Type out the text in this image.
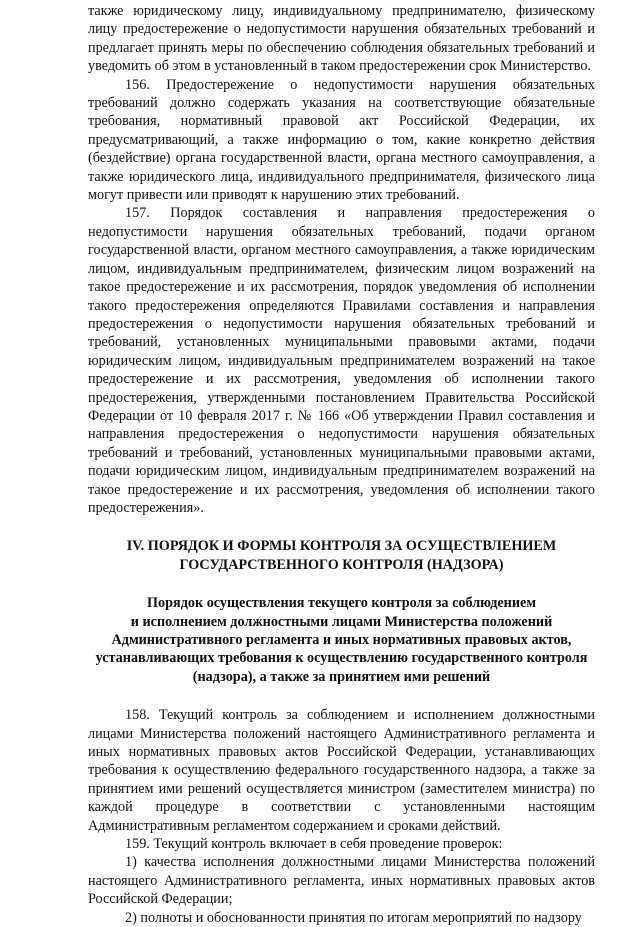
также юридическому лицу, индивидуальному предпринимателю, физическому лицу предостережение о недопустимости нарушения обязательных требований и предлагает принять меры по обеспечению соблюдения обязательных требований и уведомить об этом в установленный в таком предостережении срок Министерство.

156. Предостережение о недопустимости нарушения обязательных требований должно содержать указания на соответствующие обязательные требования, нормативный правовой акт Российской Федерации, их предусматривающий, а также информацию о том, какие конкретно действия (бездействие) органа государственной власти, органа местного самоуправления, а также юридического лица, индивидуального предпринимателя, физического лица могут привести или приводят к нарушению этих требований.

157. Порядок составления и направления предостережения о недопустимости нарушения обязательных требований, подачи органом государственной власти, органом местного самоуправления, а также юридическим лицом, индивидуальным предпринимателем, физическим лицом возражений на такое предостережение и их рассмотрения, порядок уведомления об исполнении такого предостережения определяются Правилами составления и направления предостережения о недопустимости нарушения обязательных требований и требований, установленных муниципальными правовыми актами, подачи юридическим лицом, индивидуальным предпринимателем возражений на такое предостережение и их рассмотрения, уведомления об исполнении такого предостережения, утвержденными постановлением Правительства Российской Федерации от 10 февраля 2017 г. № 166 «Об утверждении Правил составления и направления предостережения о недопустимости нарушения обязательных требований и требований, установленных муниципальными правовыми актами, подачи юридическим лицом, индивидуальным предпринимателем возражений на такое предостережение и их рассмотрения, уведомления об исполнении такого предостережения».

IV. ПОРЯДОК И ФОРМЫ КОНТРОЛЯ ЗА ОСУЩЕСТВЛЕНИЕМ
ГОСУДАРСТВЕННОГО КОНТРОЛЯ (НАДЗОРА)

Порядок осуществления текущего контроля за соблюдением
и исполнением должностными лицами Министерства положений
Административного регламента и иных нормативных правовых актов,
устанавливающих требования к осуществлению государственного контроля
(надзора), а также за принятием ими решений

158. Текущий контроль за соблюдением и исполнением должностными лицами Министерства положений настоящего Административного регламента и иных нормативных правовых актов Российской Федерации, устанавливающих требования к осуществлению федерального государственного надзора, а также за принятием ими решений осуществляется министром (заместителем министра) по каждой процедуре в соответствии с установленными настоящим Административным регламентом содержанием и сроками действий.

159. Текущий контроль включает в себя проведение проверок:

1) качества исполнения должностными лицами Министерства положений настоящего Административного регламента, иных нормативных правовых актов Российской Федерации;

2) полноты и обоснованности принятия по итогам мероприятий по надзору
